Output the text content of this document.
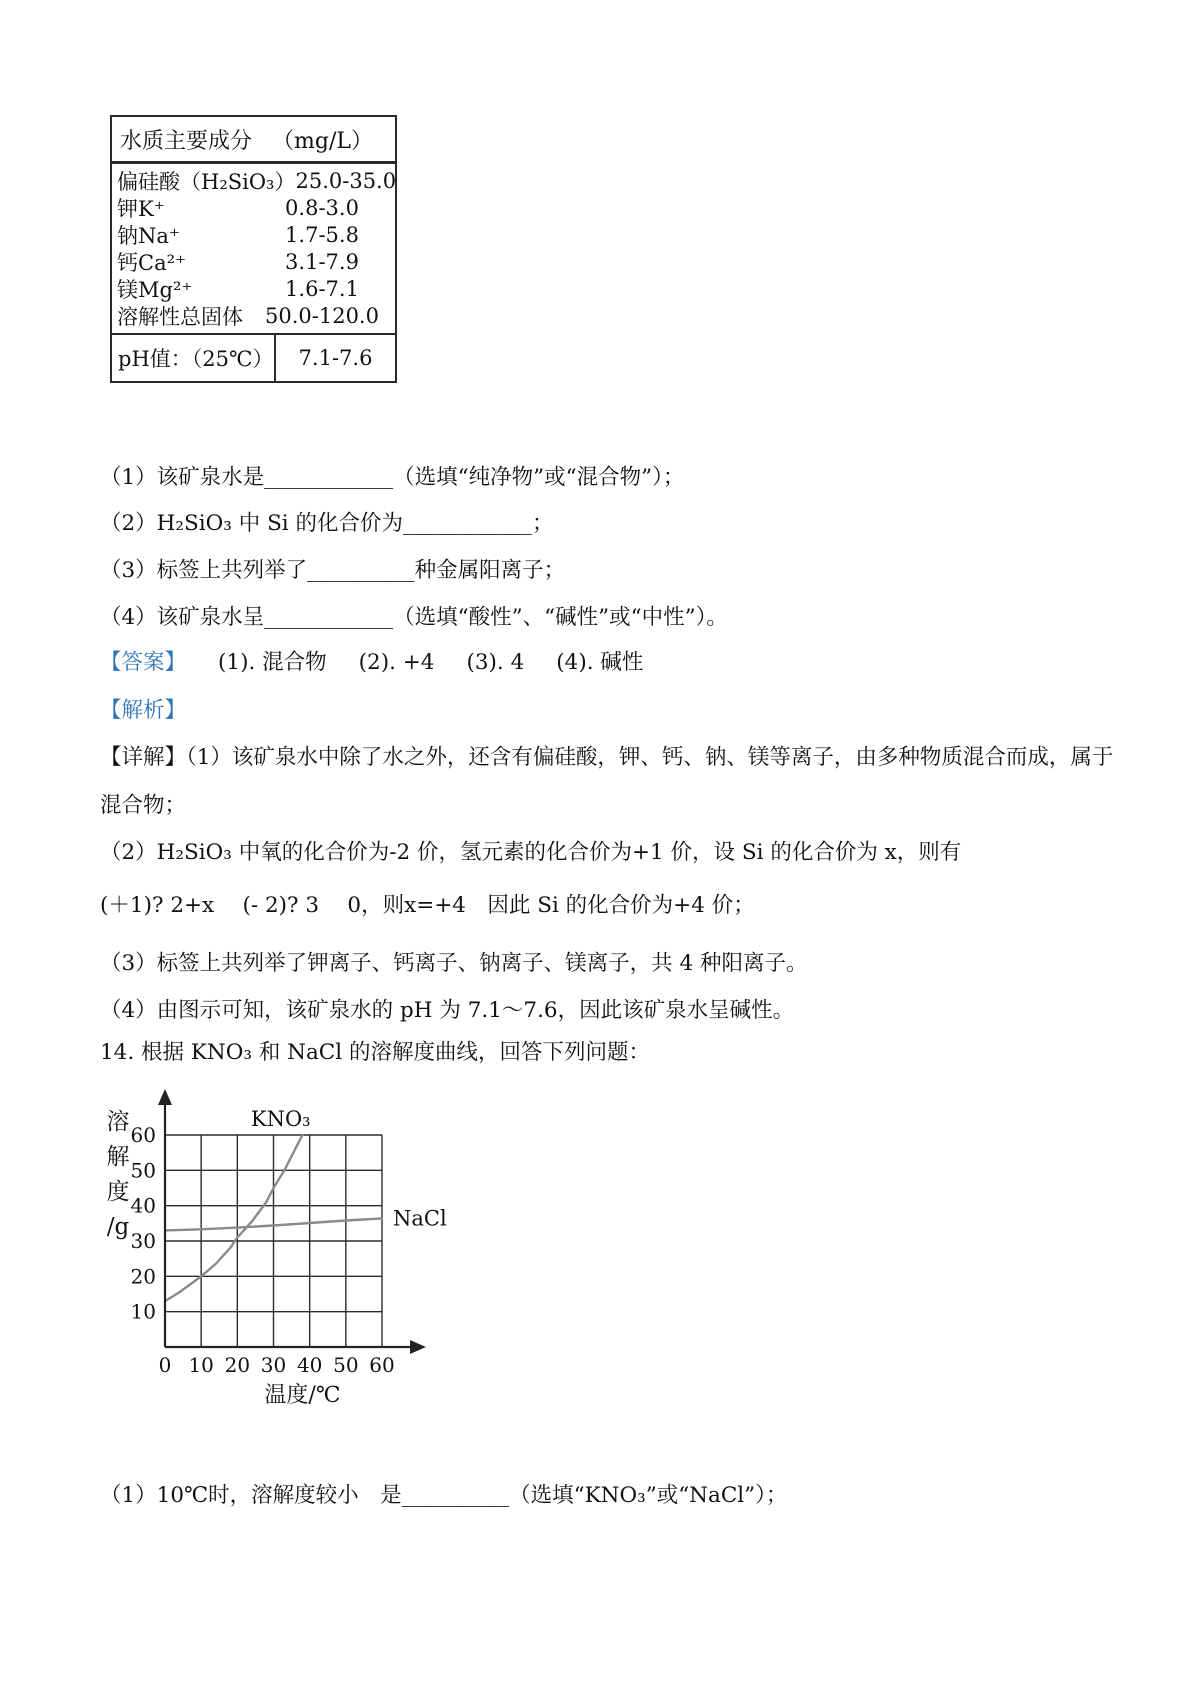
水质主要成分 （mg/L）
偏硅酸（H₂SiO₃） 25.0-35.0
钾K⁺	0.8-3.0
钠Na⁺	1.7-5.8
钙Ca²⁺	3.1-7.9
镁Mg²⁺	1.6-7.1
溶解性总固体	50.0-120.0
pH值：（25℃）	7.1-7.6
（1）该矿泉水是____________（选填“纯净物”或“混合物”）；
（2）H₂SiO₃ 中 Si 的化合价为____________；
（3）标签上共列举了__________种金属阳离子；
（4）该矿泉水呈____________（选填“酸性”、“碱性”或“中性”）。
【答案】 (1). 混合物 (2). +4 (3). 4 (4). 碱性
【解析】
【详解】（1）该矿泉水中除了水之外，还含有偏硅酸，钾、钙、钠、镁等离子，由多种物质混合而成，属于混合物；
（2）H₂SiO₃ 中氧的化合价为-2 价，氢元素的化合价为+1 价，设 Si 的化合价为 x，则有
(＋1)? 2+x　 (- 2)? 3　 0，则x=+4　因此 Si 的化合价为+4 价；
（3）标签上共列举了钾离子、钙离子、钠离子、镁离子，共 4 种阳离子。
（4）由图示可知，该矿泉水的 pH 为 7.1～7.6，因此该矿泉水呈碱性。
14. 根据 KNO₃ 和 NaCl 的溶解度曲线，回答下列问题：
溶
解
度
/g
0 10 20 30 40 50 60
10
20
30
40
50
60
KNO₃
NaCl
温度/℃
（1）10℃时，溶解度较小　是__________（选填“KNO₃”或“NaCl”）；
